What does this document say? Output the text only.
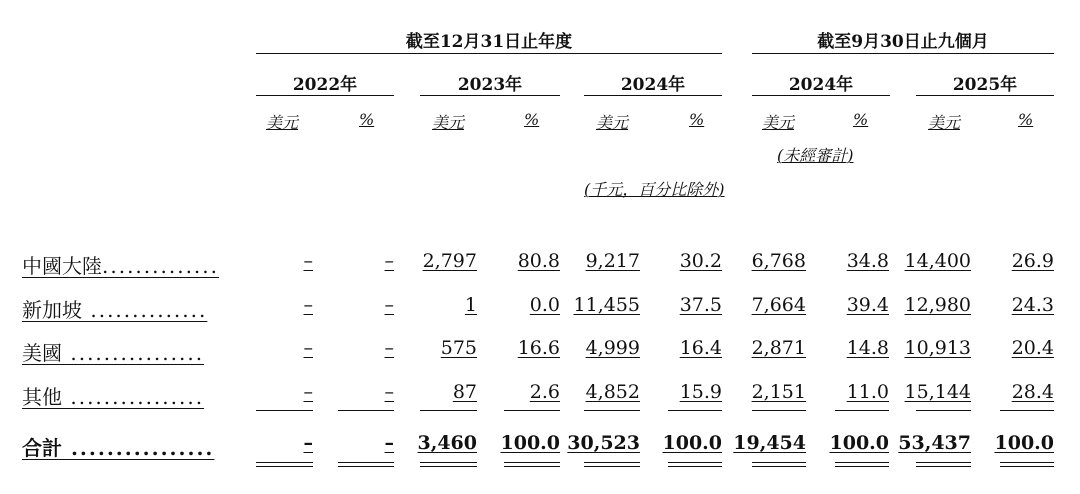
截至12月31日止年度	截至9月30日止九個月
2022年	2023年	2024年	2024年	2025年
美元	%	美元	%	美元	%	美元	%	美元	%
(未經審計)
(千元，百分比除外)
中國大陸..............	–	–	2,797	80.8	9,217	30.2	6,768	34.8 14,400	26.9
新加坡 ..............	–	–	1	0.0 11,455	37.5	7,664	39.4 12,980	24.3
美國 ................	–	–	575	16.6	4,999	16.4	2,871	14.8 10,913	20.4
其他 ................	–	–	87	2.6	4,852	15.9	2,151	11.0 15,144	28.4
合計 ................	–	–	3,460 100.0 30,523 100.0 19,454 100.0 53,437 100.0
